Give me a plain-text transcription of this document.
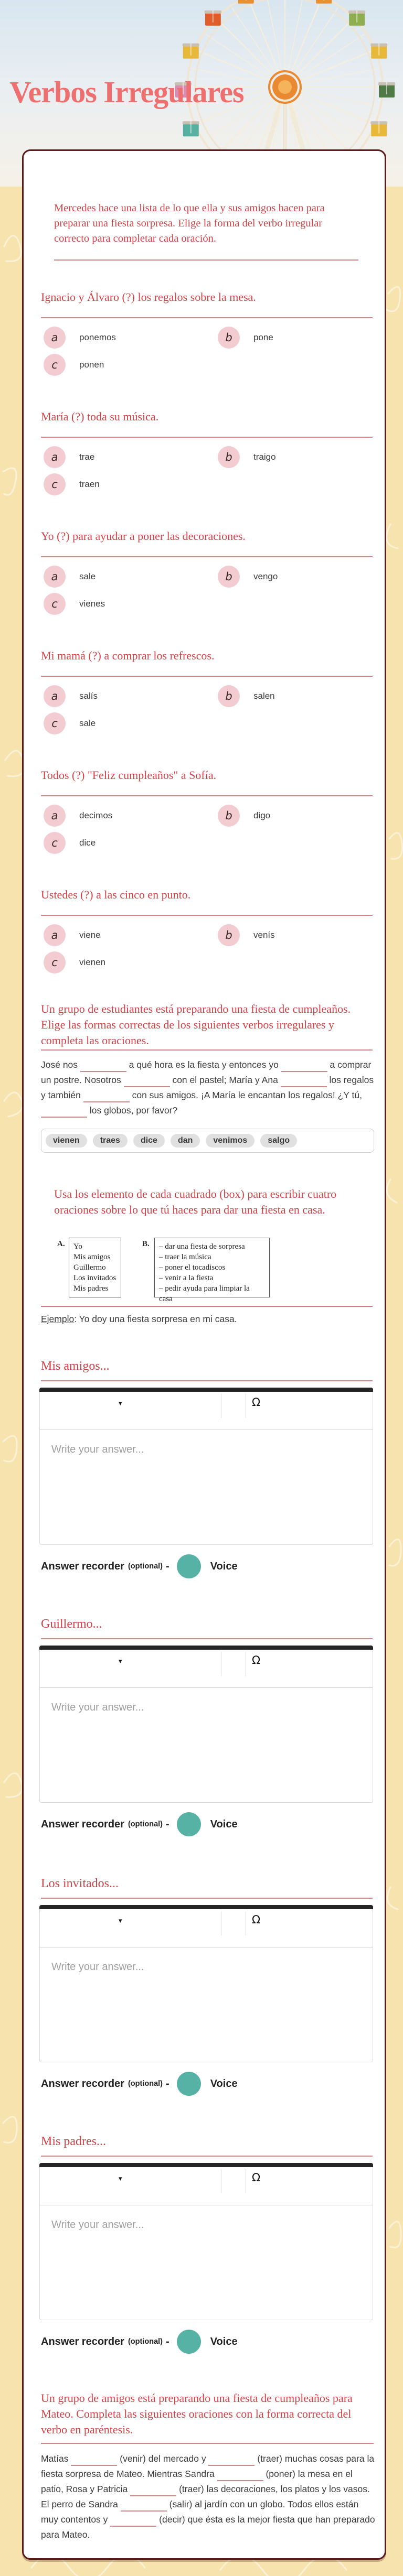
Verbos Irregulares
Mercedes hace una lista de lo que ella y sus amigos hacen para preparar una fiesta sorpresa. Elige la forma del verbo irregular correcto para completar cada oración.
Un grupo de estudiantes está preparando una fiesta de cumpleaños. Elige las formas correctas de los siguientes verbos irregulares y completa las oraciones.
José nos	a qué hora es la fiesta y entonces yo	a comprar un postre. Nosotros	con el pastel; María y Ana	los regalos y también	con sus amigos. ¡A María le encantan los regalos! ¿Y tú,  los globos, por favor?
vienen	traes	dice	dan	venimos	salgo
Usa los elemento de cada cuadrado (box) para escribir cuatro oraciones sobre lo que tú haces para dar una fiesta en casa.
A. Yo
Mis amigos
Guillermo
Los invitados
Mis padres
B. – dar una fiesta de sorpresa
– traer la música
– poner el tocadiscos
– venir a la fiesta
– pedir ayuda para limpiar la casa
Ejemplo: Yo doy una fiesta sorpresa en mi casa.
Un grupo de amigos está preparando una fiesta de cumpleaños para Mateo. Completa las siguientes oraciones con la forma correcta del verbo en paréntesis.
Matías	(venir) del mercado y	(traer) muchas cosas para la fiesta sorpresa de Mateo. Mientras Sandra	(poner) la mesa en el patio, Rosa y Patricia	(traer) las decoraciones, los platos y los vasos. El perro de Sandra	(salir) al jardín con un globo. Todos ellos están muy contentos y	(decir) que ésta es la mejor fiesta que han preparado para Mateo.
Ignacio y Álvaro (?) los regalos sobre la mesa.
a	ponemos	b	pone
c	ponen
María (?) toda su música.
a	trae	b	traigo
c	traen
Yo (?) para ayudar a poner las decoraciones.
a	sale	b	vengo
c	vienes
Mi mamá (?) a comprar los refrescos.
a	salís	b	salen
c	sale
Todos (?) "Feliz cumpleaños" a Sofía.
a	decimos	b	digo
c	dice
Ustedes (?) a las cinco en punto.
a	viene	b	venís
c	vienen
Mis amigos...
▾	Ω
Write your answer...
Answer recorder (optional) -	Voice
Guillermo...
▾	Ω
Write your answer...
Answer recorder (optional) -	Voice
Los invitados...
▾	Ω
Write your answer...
Answer recorder (optional) -	Voice
Mis padres...
▾	Ω
Write your answer...
Answer recorder (optional) -	Voice
